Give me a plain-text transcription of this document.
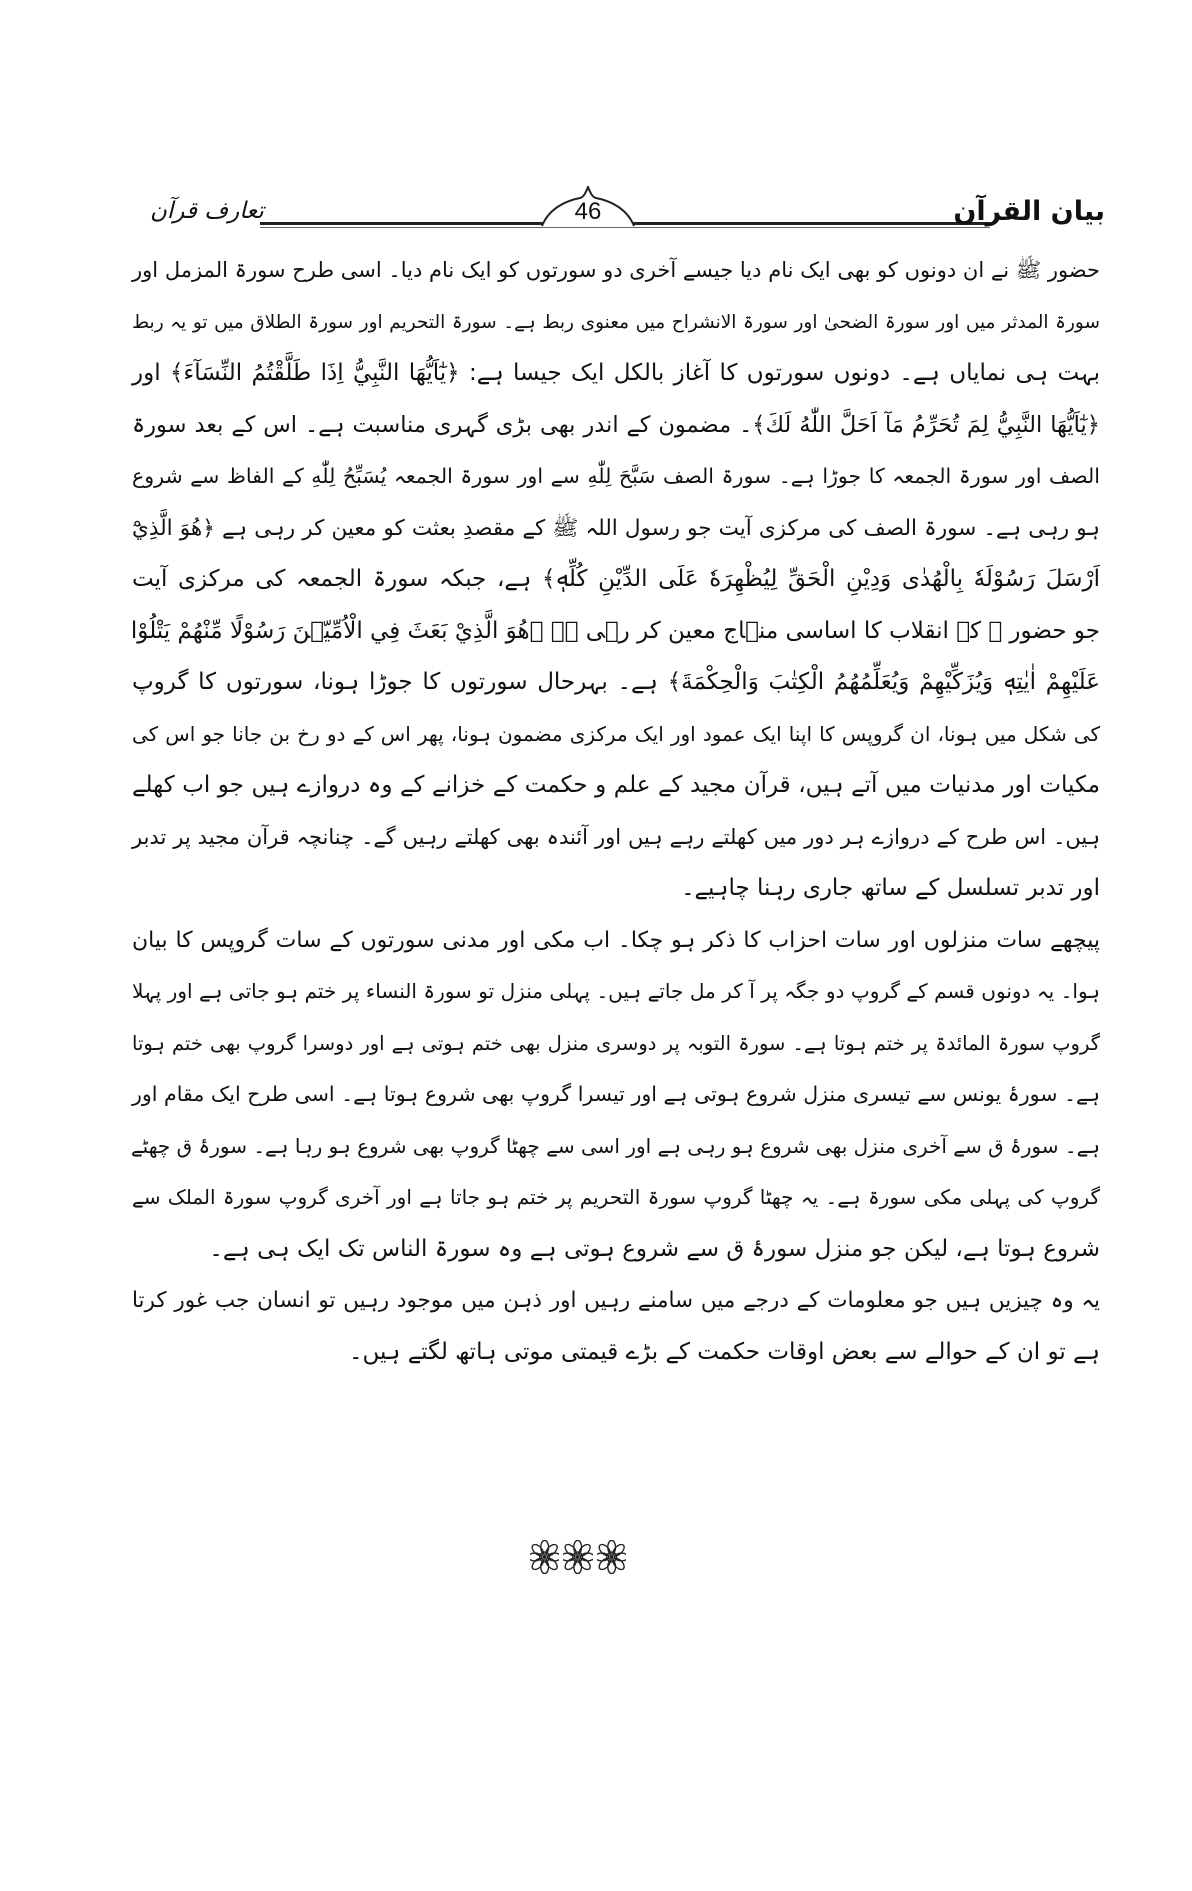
46	بیان القرآن
تعارف قرآن
حضور ﷺ نے ان دونوں کو بھی ایک نام دیا جیسے آخری دو سورتوں کو ایک نام دیا۔ اسی طرح سورۃ المزمل اور
سورۃ المدثر میں اور سورۃ الضحیٰ اور سورۃ الانشراح میں معنوی ربط ہے۔ سورۃ التحریم اور سورۃ الطلاق میں تو یہ ربط
بہت ہی نمایاں ہے۔ دونوں سورتوں کا آغاز بالکل ایک جیسا ہے: ﴿يٰٓاَيُّهَا النَّبِيُّ اِذَا طَلَّقْتُمُ النِّسَآءَ﴾ اور
﴿يٰٓاَيُّهَا النَّبِيُّ لِمَ تُحَرِّمُ مَآ اَحَلَّ اللّٰهُ لَكَ﴾۔ مضمون کے اندر بھی بڑی گہری مناسبت ہے۔ اس کے بعد سورۃ
الصف اور سورۃ الجمعہ کا جوڑا ہے۔ سورۃ الصف سَبَّحَ لِلّٰهِ سے اور سورۃ الجمعہ يُسَبِّحُ لِلّٰهِ کے الفاظ سے شروع
ہو رہی ہے۔ سورۃ الصف کی مرکزی آیت جو رسول اللہ ﷺ کے مقصدِ بعثت کو معین کر رہی ہے ﴿هُوَ الَّذِيْٓ
اَرْسَلَ رَسُوْلَهٗ بِالْهُدٰى وَدِيْنِ الْحَقِّ لِيُظْهِرَهٗ عَلَى الدِّيْنِ كُلِّهٖ﴾ ہے، جبکہ سورۃ الجمعہ کی مرکزی آیت
جو حضور ﷺ کے انقلاب کا اساسی منہاج معین کر رہی ہے ﴿هُوَ الَّذِيْ بَعَثَ فِي الْاُمِّيّٖنَ رَسُوْلًا مِّنْهُمْ يَتْلُوْا
عَلَيْهِمْ اٰيٰتِهٖ وَيُزَكِّيْهِمْ وَيُعَلِّمُهُمُ الْكِتٰبَ وَالْحِكْمَةَ﴾ ہے۔ بہرحال سورتوں کا جوڑا ہونا، سورتوں کا گروپ
کی شکل میں ہونا، ان گروپس کا اپنا ایک عمود اور ایک مرکزی مضمون ہونا، پھر اس کے دو رخ بن جانا جو اس کی
مکیات اور مدنیات میں آتے ہیں، قرآن مجید کے علم و حکمت کے خزانے کے وہ دروازے ہیں جو اب کھلے
ہیں۔ اس طرح کے دروازے ہر دور میں کھلتے رہے ہیں اور آئندہ بھی کھلتے رہیں گے۔ چنانچہ قرآن مجید پر تدبر
اور تدبر تسلسل کے ساتھ جاری رہنا چاہیے۔
پیچھے سات منزلوں اور سات احزاب کا ذکر ہو چکا۔ اب مکی اور مدنی سورتوں کے سات گروپس کا بیان
ہوا۔ یہ دونوں قسم کے گروپ دو جگہ پر آ کر مل جاتے ہیں۔ پہلی منزل تو سورۃ النساء پر ختم ہو جاتی ہے اور پہلا
گروپ سورۃ المائدۃ پر ختم ہوتا ہے۔ سورۃ التوبہ پر دوسری منزل بھی ختم ہوتی ہے اور دوسرا گروپ بھی ختم ہوتا
ہے۔ سورۂ یونس سے تیسری منزل شروع ہوتی ہے اور تیسرا گروپ بھی شروع ہوتا ہے۔ اسی طرح ایک مقام اور
ہے۔ سورۂ ق سے آخری منزل بھی شروع ہو رہی ہے اور اسی سے چھٹا گروپ بھی شروع ہو رہا ہے۔ سورۂ ق چھٹے
گروپ کی پہلی مکی سورۃ ہے۔ یہ چھٹا گروپ سورۃ التحریم پر ختم ہو جاتا ہے اور آخری گروپ سورۃ الملک سے
شروع ہوتا ہے، لیکن جو منزل سورۂ ق سے شروع ہوتی ہے وہ سورۃ الناس تک ایک ہی ہے۔
یہ وہ چیزیں ہیں جو معلومات کے درجے میں سامنے رہیں اور ذہن میں موجود رہیں تو انسان جب غور کرتا
ہے تو ان کے حوالے سے بعض اوقات حکمت کے بڑے قیمتی موتی ہاتھ لگتے ہیں۔
